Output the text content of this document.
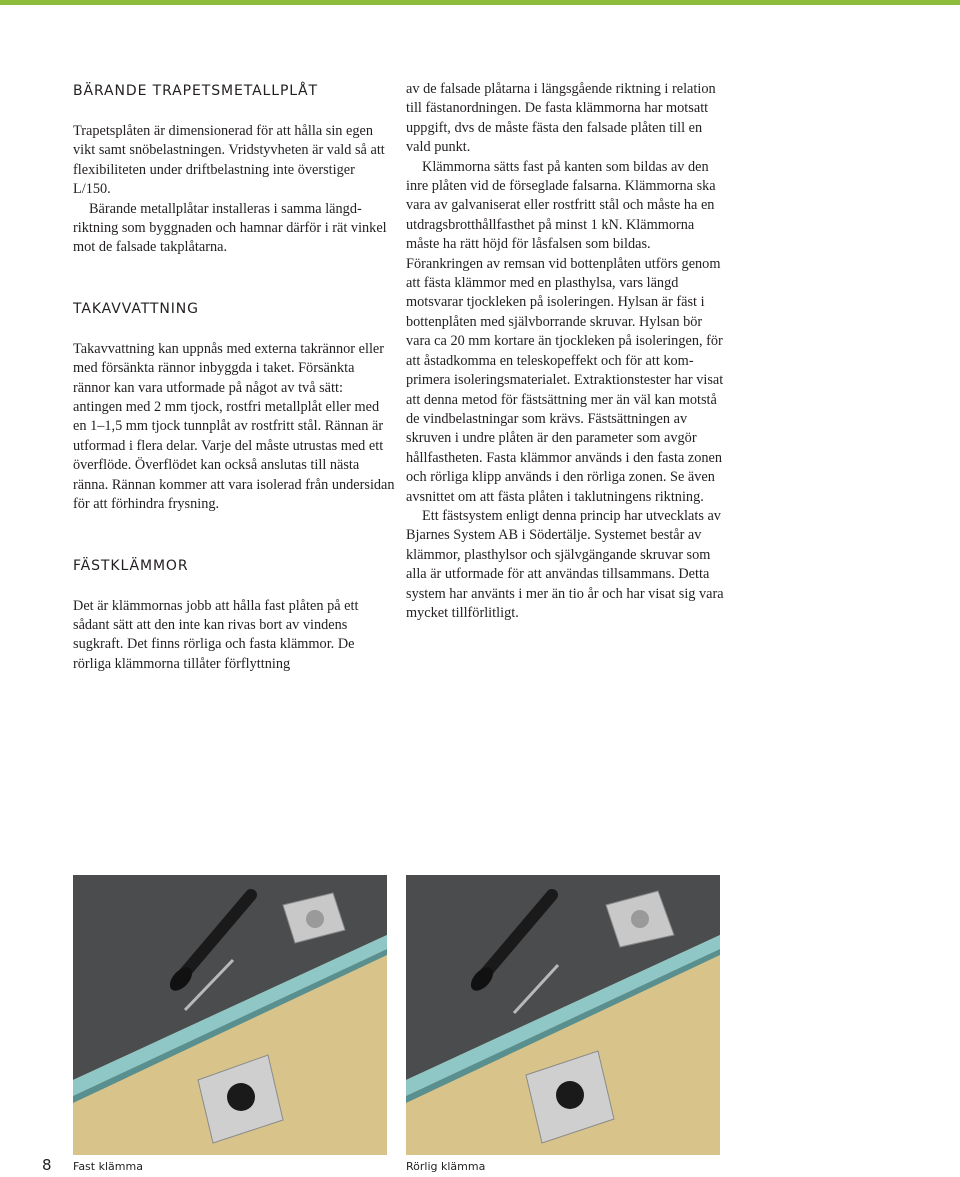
BÄRANDE TRAPETSMETALLPLÅT

Trapetsplåten är dimensionerad för att hålla sin egen vikt samt snöbelastningen. Vridstyvheten är vald så att flexibiliteten under driftbelastning inte överstiger L/150.

Bärande metallplåtar installeras i samma längdriktning som byggnaden och hamnar därför i rät vinkel mot de falsade takplåtarna.

TAKAVVATTNING

Takavvattning kan uppnås med externa takrännor eller med försänkta rännor inbyggda i taket. Försänkta rännor kan vara utformade på något av två sätt: antingen med 2 mm tjock, rostfri metallplåt eller med en 1–1,5 mm tjock tunnplåt av rostfritt stål. Rännan är utformad i flera delar. Varje del måste utrustas med ett överflöde. Överflödet kan också anslutas till nästa ränna. Rännan kommer att vara isolerad från undersidan för att förhindra frysning.

FÄSTKLÄMMOR

Det är klämmornas jobb att hålla fast plåten på ett sådant sätt att den inte kan rivas bort av vindens sugkraft. Det finns rörliga och fasta klämmor. De rörliga klämmorna tillåter förflyttning

av de falsade plåtarna i längsgående riktning i relation till fästanordningen. De fasta klämmorna har motsatt uppgift, dvs de måste fästa den falsade plåten till en vald punkt.

Klämmorna sätts fast på kanten som bildas av den inre plåten vid de förseglade falsarna. Klämmorna ska vara av galvaniserat eller rostfritt stål och måste ha en utdragsbrotthållfasthet på minst 1 kN. Klämmorna måste ha rätt höjd för låsfalsen som bildas. Förankringen av remsan vid bottenplåten utförs genom att fästa klämmor med en plasthylsa, vars längd motsvarar tjockleken på isoleringen. Hylsan är fäst i bottenplåten med självborrande skruvar. Hylsan bör vara ca 20 mm kortare än tjockleken på isoleringen, för att åstadkomma en teleskopeffekt och för att komprimera isoleringsmaterialet. Extraktionstester har visat att denna metod för fästsättning mer än väl kan motstå de vindbelastningar som krävs. Fästsättningen av skruven i undre plåten är den parameter som avgör hållfastheten. Fasta klämmor används i den fasta zonen och rörliga klipp används i den rörliga zonen. Se även avsnittet om att fästa plåten i taklutningens riktning.

Ett fästsystem enligt denna princip har utvecklats av Bjarnes System AB i Södertälje. Systemet består av klämmor, plasthylsor och självgängande skruvar som alla är utformade för att användas tillsammans. Detta system har använts i mer än tio år och har visat sig vara mycket tillförlitligt.

8 Fast klämma	Rörlig klämma
